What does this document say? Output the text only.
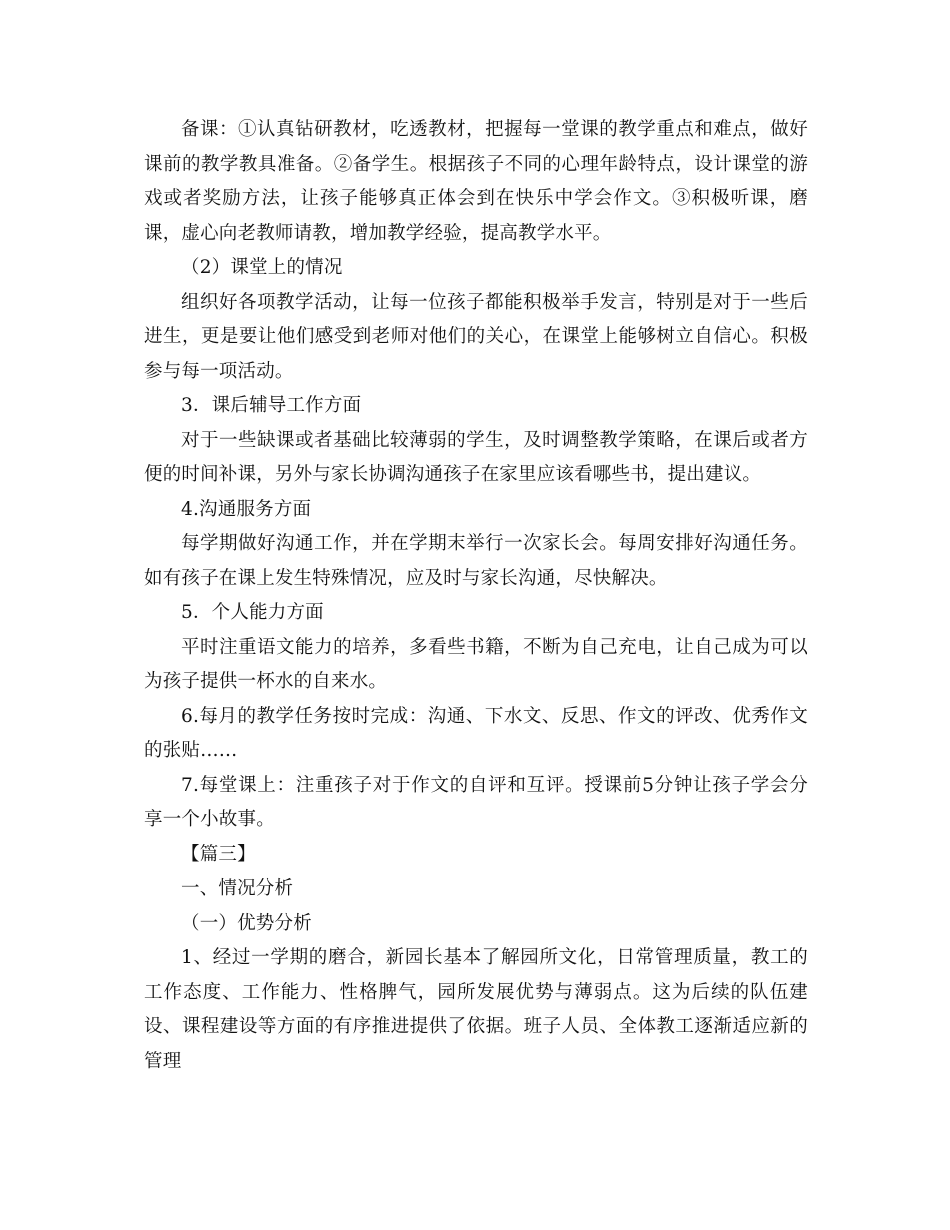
备课：①认真钻研教材，吃透教材，把握每一堂课的教学重点和难点，做好课前的教学教具准备。②备学生。根据孩子不同的心理年龄特点，设计课堂的游戏或者奖励方法，让孩子能够真正体会到在快乐中学会作文。③积极听课，磨课，虚心向老教师请教，增加教学经验，提高教学水平。

（2）课堂上的情况

组织好各项教学活动，让每一位孩子都能积极举手发言，特别是对于一些后进生，更是要让他们感受到老师对他们的关心，在课堂上能够树立自信心。积极参与每一项活动。

3．课后辅导工作方面

对于一些缺课或者基础比较薄弱的学生，及时调整教学策略，在课后或者方便的时间补课，另外与家长协调沟通孩子在家里应该看哪些书，提出建议。

4.沟通服务方面

每学期做好沟通工作，并在学期末举行一次家长会。每周安排好沟通任务。如有孩子在课上发生特殊情况，应及时与家长沟通，尽快解决。

5．个人能力方面

平时注重语文能力的培养，多看些书籍，不断为自己充电，让自己成为可以为孩子提供一杯水的自来水。

6.每月的教学任务按时完成：沟通、下水文、反思、作文的评改、优秀作文的张贴……

7.每堂课上：注重孩子对于作文的自评和互评。授课前5分钟让孩子学会分享一个小故事。

【篇三】

一、情况分析

（一）优势分析

1、经过一学期的磨合，新园长基本了解园所文化，日常管理质量，教工的工作态度、工作能力、性格脾气，园所发展优势与薄弱点。这为后续的队伍建设、课程建设等方面的有序推进提供了依据。班子人员、全体教工逐渐适应新的管理
